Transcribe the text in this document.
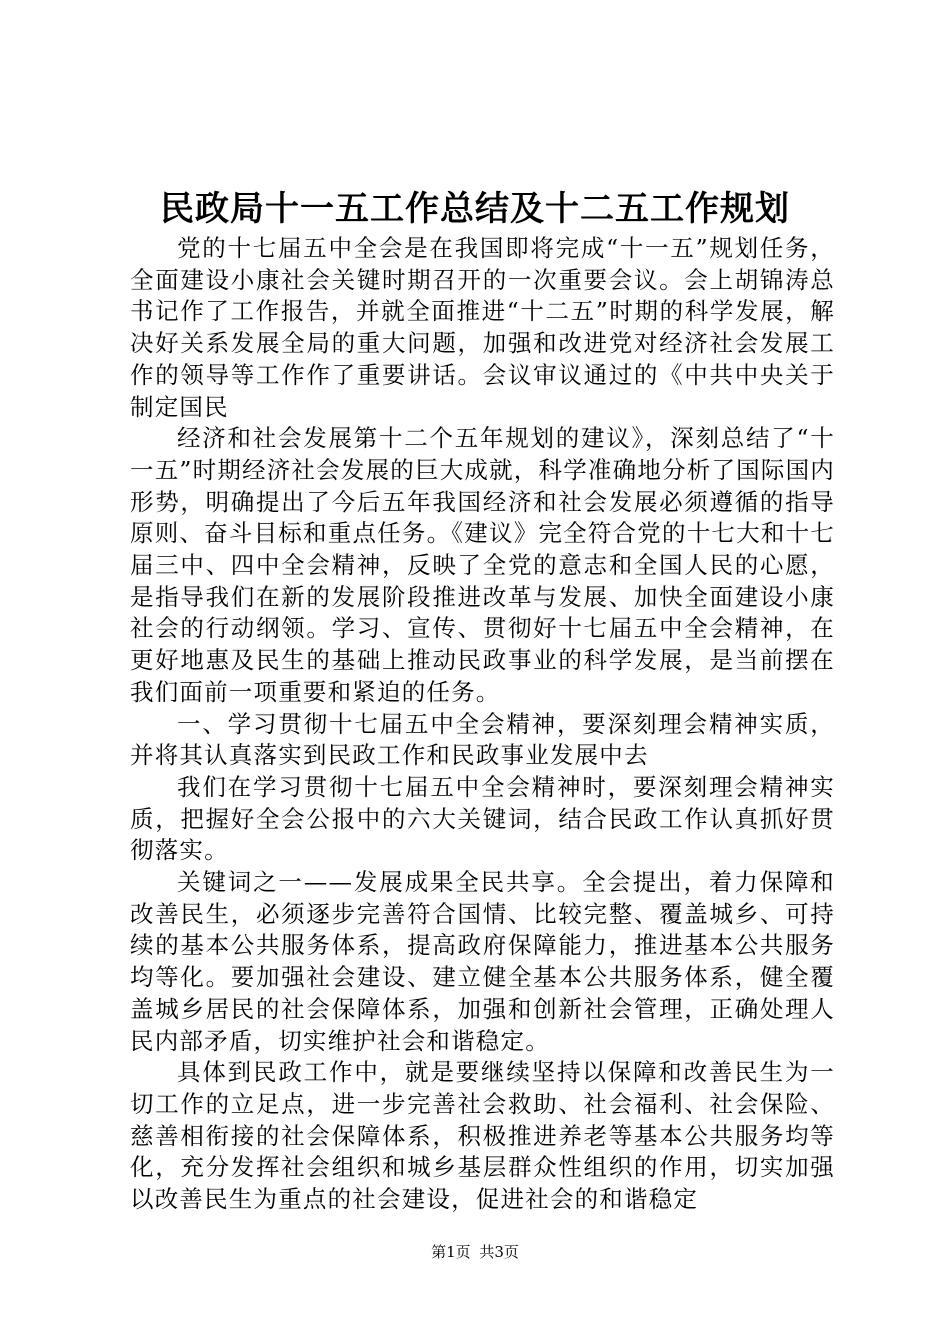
民政局十一五工作总结及十二五工作规划

党的十七届五中全会是在我国即将完成“十一五”规划任务，全面建设小康社会关键时期召开的一次重要会议。会上胡锦涛总书记作了工作报告，并就全面推进“十二五”时期的科学发展，解决好关系发展全局的重大问题，加强和改进党对经济社会发展工作的领导等工作作了重要讲话。会议审议通过的《中共中央关于制定国民

经济和社会发展第十二个五年规划的建议》，深刻总结了“十一五”时期经济社会发展的巨大成就，科学准确地分析了国际国内形势，明确提出了今后五年我国经济和社会发展必须遵循的指导原则、奋斗目标和重点任务。《建议》完全符合党的十七大和十七届三中、四中全会精神，反映了全党的意志和全国人民的心愿，是指导我们在新的发展阶段推进改革与发展、加快全面建设小康社会的行动纲领。学习、宣传、贯彻好十七届五中全会精神，在更好地惠及民生的基础上推动民政事业的科学发展，是当前摆在我们面前一项重要和紧迫的任务。

一、学习贯彻十七届五中全会精神，要深刻理会精神实质，并将其认真落实到民政工作和民政事业发展中去

我们在学习贯彻十七届五中全会精神时，要深刻理会精神实质，把握好全会公报中的六大关键词，结合民政工作认真抓好贯彻落实。

关键词之一——发展成果全民共享。全会提出，着力保障和改善民生，必须逐步完善符合国情、比较完整、覆盖城乡、可持续的基本公共服务体系，提高政府保障能力，推进基本公共服务均等化。要加强社会建设、建立健全基本公共服务体系，健全覆盖城乡居民的社会保障体系，加强和创新社会管理，正确处理人民内部矛盾，切实维护社会和谐稳定。

具体到民政工作中，就是要继续坚持以保障和改善民生为一切工作的立足点，进一步完善社会救助、社会福利、社会保险、慈善相衔接的社会保障体系，积极推进养老等基本公共服务均等化，充分发挥社会组织和城乡基层群众性组织的作用，切实加强以改善民生为重点的社会建设，促进社会的和谐稳定

第1页 共3页
